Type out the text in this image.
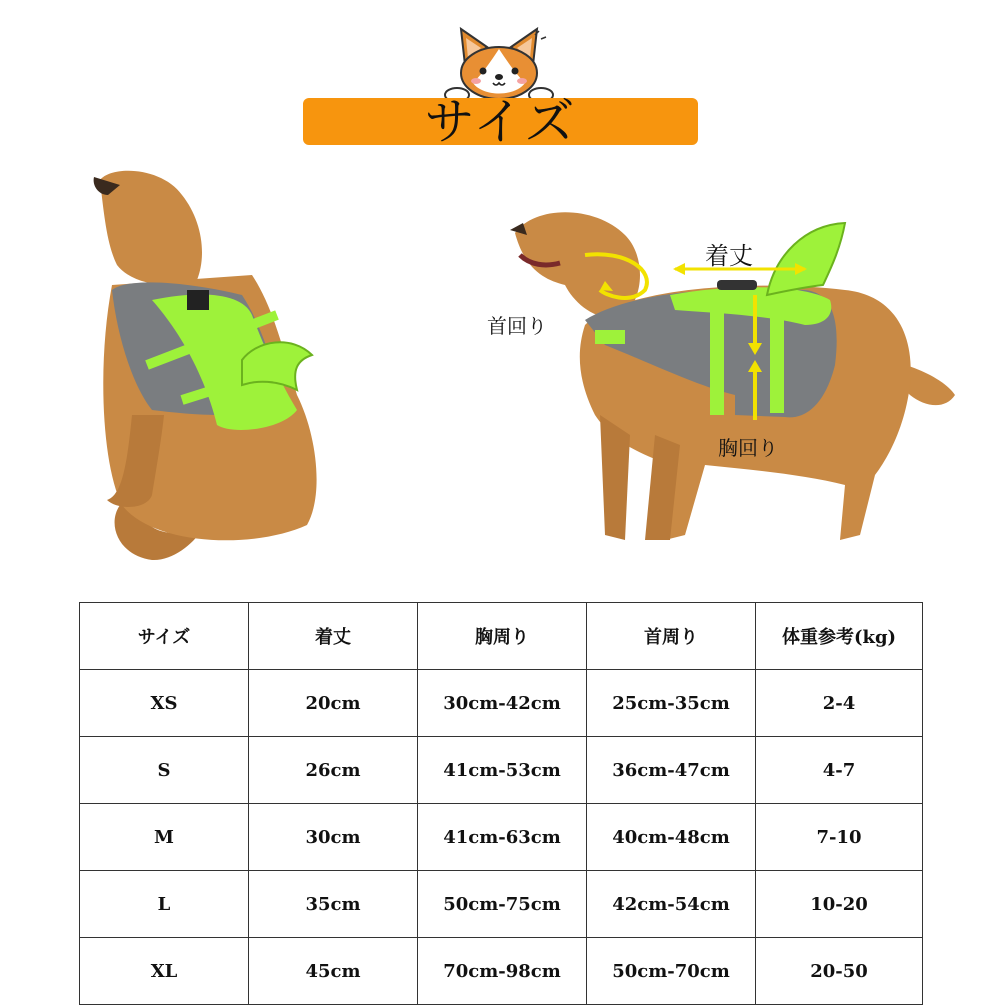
サイズ
着丈
首回り
胸回り
サイズ	着丈	胸周り	首周り	体重参考(kg)
XS	20cm	30cm-42cm	25cm-35cm	2-4
S	26cm	41cm-53cm	36cm-47cm	4-7
M	30cm	41cm-63cm	40cm-48cm	7-10
L	35cm	50cm-75cm	42cm-54cm	10-20
XL	45cm	70cm-98cm	50cm-70cm	20-50
